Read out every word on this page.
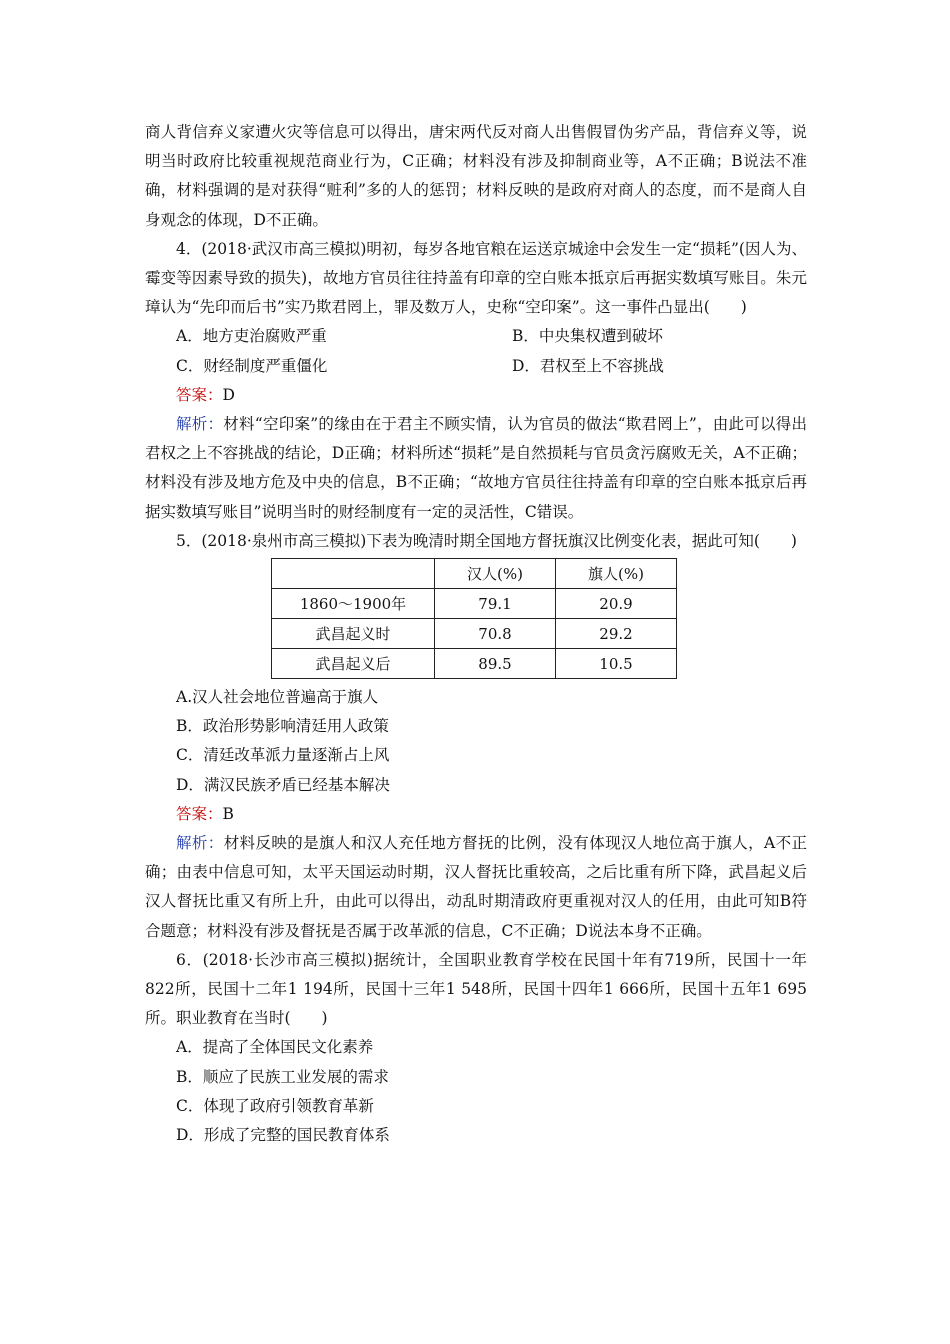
商人背信弃义家遭火灾等信息可以得出，唐宋两代反对商人出售假冒伪劣产品，背信弃义等，说明当时政府比较重视规范商业行为，C正确；材料没有涉及抑制商业等，A不正确；B说法不准确，材料强调的是对获得“赃利”多的人的惩罚；材料反映的是政府对商人的态度，而不是商人自身观念的体现，D不正确。

4．(2018·武汉市高三模拟)明初，每岁各地官粮在运送京城途中会发生一定“损耗”(因人为、霉变等因素导致的损失)，故地方官员往往持盖有印章的空白账本抵京后再据实数填写账目。朱元璋认为“先印而后书”实乃欺君罔上，罪及数万人，史称“空印案”。这一事件凸显出(　　)

A．地方吏治腐败严重	B．中央集权遭到破坏
C．财经制度严重僵化	D．君权至上不容挑战

答案：D

解析：材料“空印案”的缘由在于君主不顾实情，认为官员的做法“欺君罔上”，由此可以得出君权之上不容挑战的结论，D正确；材料所述“损耗”是自然损耗与官员贪污腐败无关，A不正确；材料没有涉及地方危及中央的信息，B不正确；“故地方官员往往持盖有印章的空白账本抵京后再据实数填写账目”说明当时的财经制度有一定的灵活性，C错误。

5．(2018·泉州市高三模拟)下表为晚清时期全国地方督抚旗汉比例变化表，据此可知(　　)

	汉人(%)	旗人(%)
1860～1900年	79.1	20.9
武昌起义时	70.8	29.2
武昌起义后	89.5	10.5

A.汉人社会地位普遍高于旗人

B．政治形势影响清廷用人政策

C．清廷改革派力量逐渐占上风

D．满汉民族矛盾已经基本解决

答案：B

解析：材料反映的是旗人和汉人充任地方督抚的比例，没有体现汉人地位高于旗人，A不正确；由表中信息可知，太平天国运动时期，汉人督抚比重较高，之后比重有所下降，武昌起义后汉人督抚比重又有所上升，由此可以得出，动乱时期清政府更重视对汉人的任用，由此可知B符合题意；材料没有涉及督抚是否属于改革派的信息，C不正确；D说法本身不正确。

6．(2018·长沙市高三模拟)据统计，全国职业教育学校在民国十年有719所，民国十一年822所，民国十二年1 194所，民国十三年1 548所，民国十四年1 666所，民国十五年1 695所。职业教育在当时(　　)

A．提高了全体国民文化素养

B．顺应了民族工业发展的需求

C．体现了政府引领教育革新

D．形成了完整的国民教育体系
